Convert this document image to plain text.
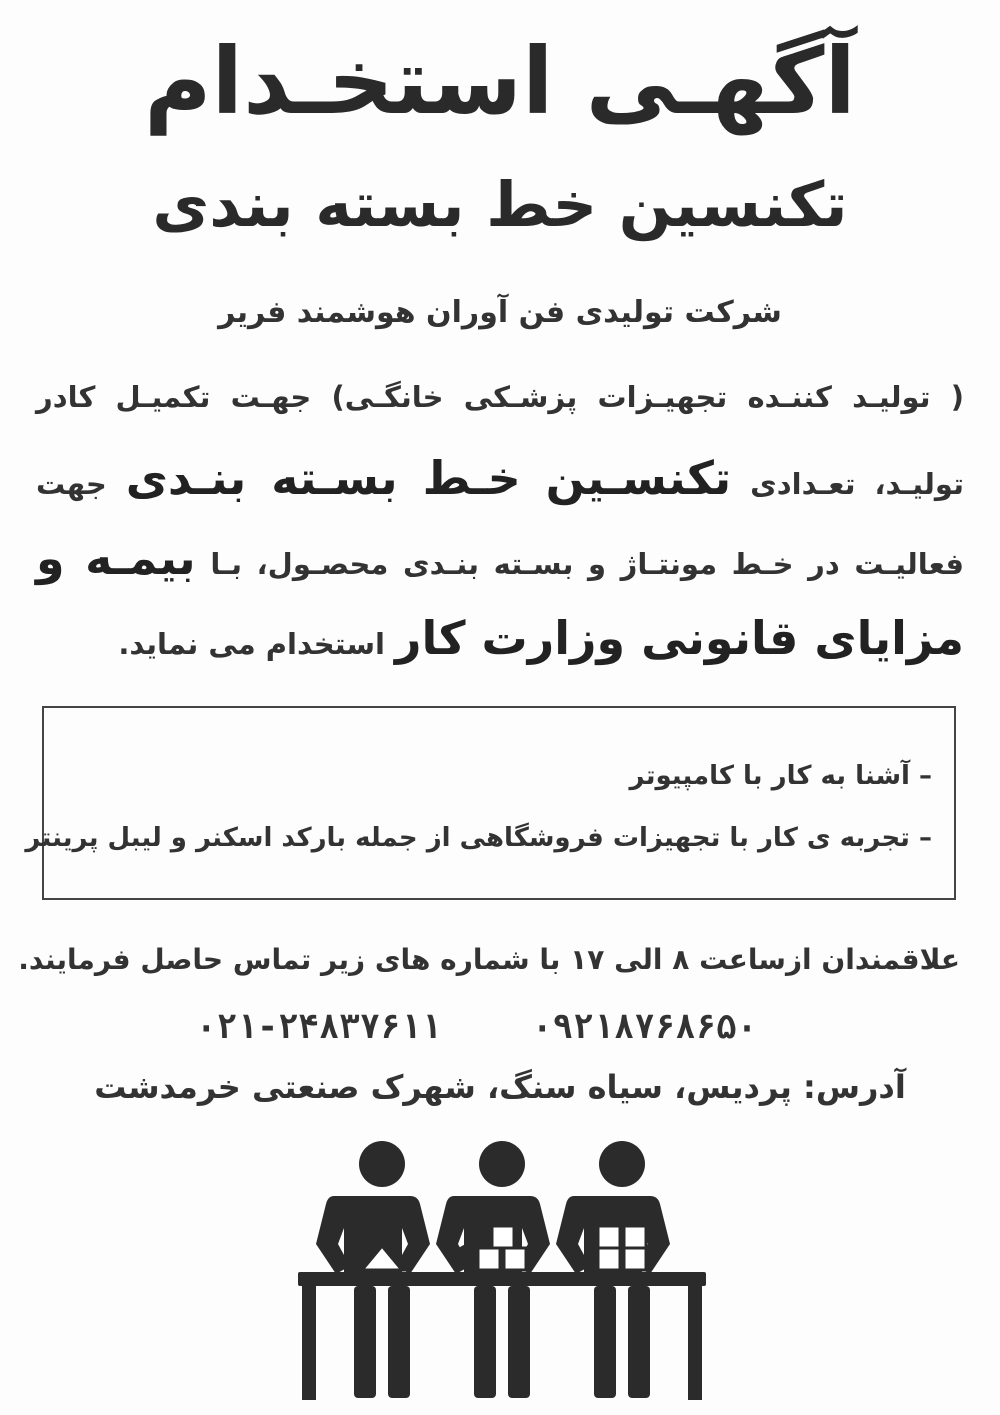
آگهـی استخـدام
تکنسین خط بسته بندی
شرکت تولیدی فن آوران هوشمند فریر
( تولیـد کننـده تجهیـزات پزشـکی خانگـی) جهـت تکمیـل کادر
تولیـد، تعـدادی تکنسـین خـط بسـته بنـدی جهت
فعالیـت در خـط مونتـاژ و بسـته بنـدی محصـول، بـا بیمـه و
مزایای قانونی وزارت کار استخدام می نماید.
– آشنا به کار با کامپیوتر
– تجربه ی کار با تجهیزات فروشگاهی از جمله بارکد اسکنر و لیبل پرینتر
علاقمندان ازساعت ۸ الی ۱۷ با شماره های زیر تماس حاصل فرمایند.
۰۹۲۱۸۷۶۸۶۵۰
۰۲۱-۲۴۸۳۷۶۱۱
آدرس: پردیس، سیاه سنگ، شهرک صنعتی خرمدشت
